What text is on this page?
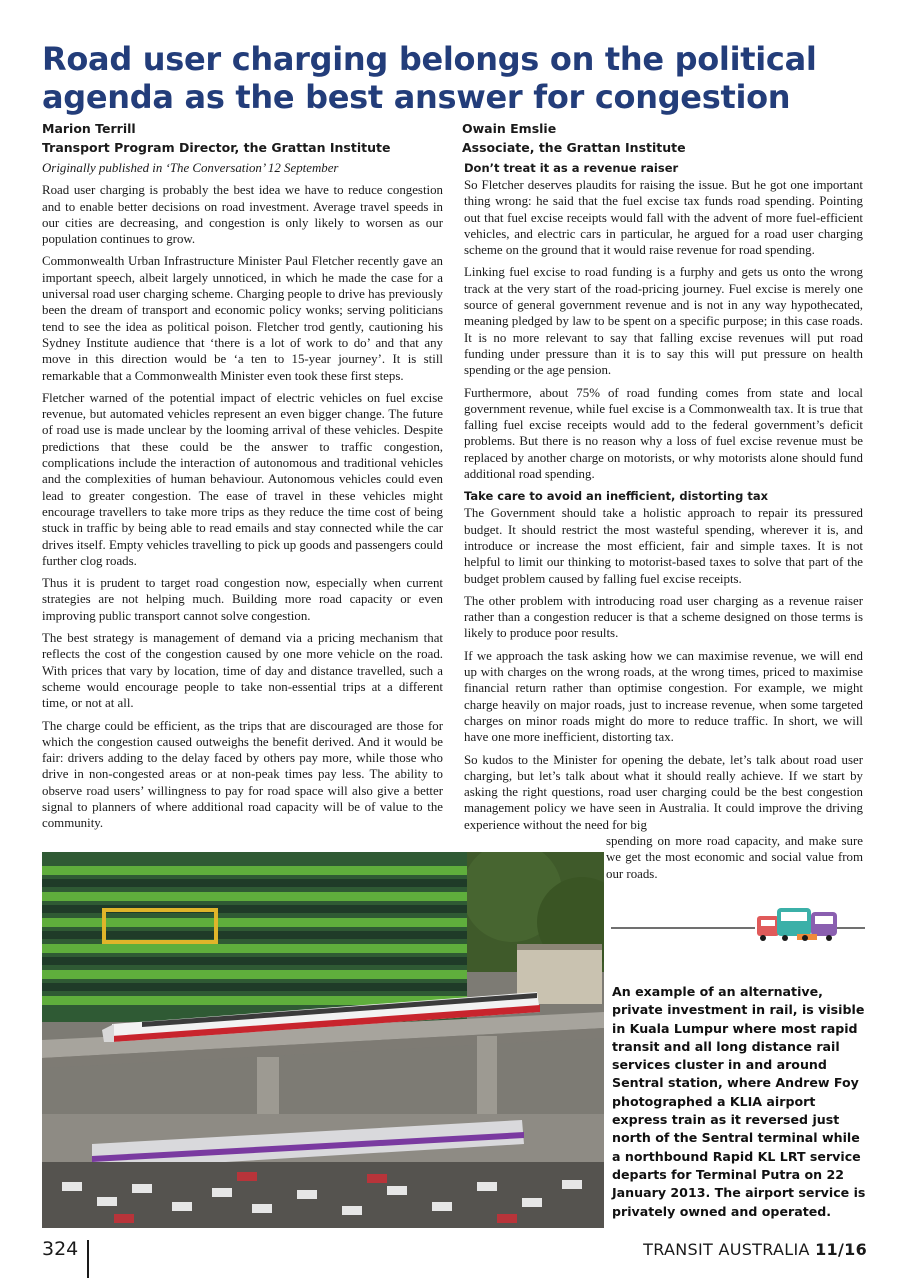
Road user charging belongs on the political agenda as the best answer for congestion
Marion Terrill
Transport Program Director, the Grattan Institute
Owain Emslie
Associate, the Grattan Institute

Originally published in ‘The Conversation’ 12 September

Road user charging is probably the best idea we have to reduce congestion and to enable better decisions on road investment. Average travel speeds in our cities are decreasing, and congestion is only likely to worsen as our population continues to grow.

Commonwealth Urban Infrastructure Minister Paul Fletcher recently gave an important speech, albeit largely unnoticed, in which he made the case for a universal road user charging scheme. Charging people to drive has previously been the dream of transport and economic policy wonks; serving politicians tend to see the idea as political poison. Fletcher trod gently, cautioning his Sydney Institute audience that ‘there is a lot of work to do’ and that any move in this direction would be ‘a ten to 15-year journey’. It is still remarkable that a Commonwealth Minister even took these first steps.

Fletcher warned of the potential impact of electric vehicles on fuel excise revenue, but automated vehicles represent an even bigger change. The future of road use is made unclear by the looming arrival of these vehicles. Despite predictions that these could be the answer to traffic congestion, complications include the interaction of autonomous and traditional vehicles and the complexities of human behaviour. Autonomous vehicles could even lead to greater congestion. The ease of travel in these vehicles might encourage travellers to take more trips as they reduce the time cost of being stuck in traffic by being able to read emails and stay connected while the car drives itself. Empty vehicles travelling to pick up goods and passengers could further clog roads.

Thus it is prudent to target road congestion now, especially when current strategies are not helping much. Building more road capacity or even improving public transport cannot solve congestion.

The best strategy is management of demand via a pricing mechanism that reflects the cost of the congestion caused by one more vehicle on the road. With prices that vary by location, time of day and distance travelled, such a scheme would encourage people to take non-essential trips at a different time, or not at all.

The charge could be efficient, as the trips that are discouraged are those for which the congestion caused outweighs the benefit derived. And it would be fair: drivers adding to the delay faced by others pay more, while those who drive in non-congested areas or at non-peak times pay less. The ability to observe road users’ willingness to pay for road space will also give a better signal to planners of where additional road capacity will be of value to the community.

Don’t treat it as a revenue raiser

So Fletcher deserves plaudits for raising the issue. But he got one important thing wrong: he said that the fuel excise tax funds road spending. Pointing out that fuel excise receipts would fall with the advent of more fuel-efficient vehicles, and electric cars in particular, he argued for a road user charging scheme on the ground that it would raise revenue for road spending.

Linking fuel excise to road funding is a furphy and gets us onto the wrong track at the very start of the road-pricing journey. Fuel excise is merely one source of general government revenue and is not in any way hypothecated, meaning pledged by law to be spent on a specific purpose; in this case roads. It is no more relevant to say that falling excise revenues will put road funding under pressure than it is to say this will put pressure on health spending or the age pension.

Furthermore, about 75% of road funding comes from state and local government revenue, while fuel excise is a Commonwealth tax. It is true that falling fuel excise receipts would add to the federal government’s deficit problems. But there is no reason why a loss of fuel excise revenue must be replaced by another charge on motorists, or why motorists alone should fund additional road spending.

Take care to avoid an inefficient, distorting tax

The Government should take a holistic approach to repair its pressured budget. It should restrict the most wasteful spending, wherever it is, and introduce or increase the most efficient, fair and simple taxes. It is not helpful to limit our thinking to motorist-based taxes to solve that part of the budget problem caused by falling fuel excise receipts.

The other problem with introducing road user charging as a revenue raiser rather than a congestion reducer is that a scheme designed on those terms is likely to produce poor results.

If we approach the task asking how we can maximise revenue, we will end up with charges on the wrong roads, at the wrong times, priced to maximise financial return rather than optimise congestion. For example, we might charge heavily on major roads, just to increase revenue, when some targeted charges on minor roads might do more to reduce traffic. In short, we will have one more inefficient, distorting tax.

So kudos to the Minister for opening the debate, let’s talk about road user charging, but let’s talk about what it should really achieve. If we start by asking the right questions, road user charging could be the best congestion management policy we have seen in Australia. It could improve the driving experience without the need for big

spending on more road capacity, and make sure we get the most economic and social value from our roads.

An example of an alternative, private investment in rail, is visible in Kuala Lumpur where most rapid transit and all long distance rail services cluster in and around Sentral station, where Andrew Foy photographed a KLIA airport express train as it reversed just north of the Sentral terminal while a northbound Rapid KL LRT service departs for Terminal Putra on 22 January 2013. The airport service is privately owned and operated.
324	TRANSIT AUSTRALIA 11/16
